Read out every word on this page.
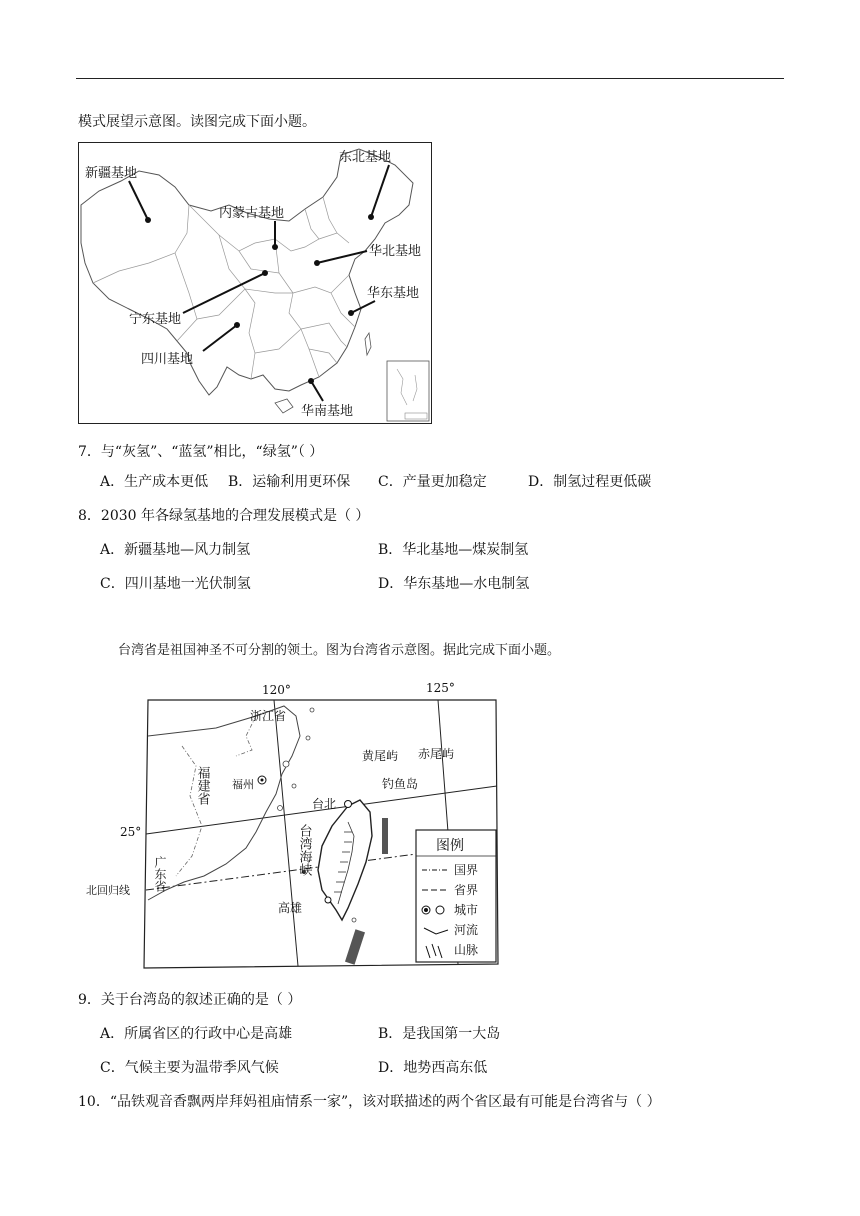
模式展望示意图。读图完成下面小题。
新疆基地
内蒙古基地
东北基地
华北基地
华东基地
宁东基地
四川基地
华南基地
7．与“灰氢”、“蓝氢”相比，“绿氢”（ ）
A．生产成本更低 B．运输利用更环保 C．产量更加稳定	D．制氢过程更低碳
8．2030 年各绿氢基地的合理发展模式是（ ）
A．新疆基地—风力制氢	B．华北基地—煤炭制氢
C．四川基地一光伏制氢	D．华东基地—水电制氢
台湾省是祖国神圣不可分割的领土。图为台湾省示意图。据此完成下面小题。
120°	125°
25°
北回归线
浙江省
福州
台北
高雄
黄尾屿 赤尾屿
钓鱼岛
福建省
广东省	台湾海峡	图例
国界
省界
城市
河流
山脉
9．关于台湾岛的叙述正确的是（ ）
A．所属省区的行政中心是高雄	B．是我国第一大岛
C．气候主要为温带季风气候	D．地势西高东低
10．“品铁观音香飘两岸拜妈祖庙情系一家”，该对联描述的两个省区最有可能是台湾省与（ ）
